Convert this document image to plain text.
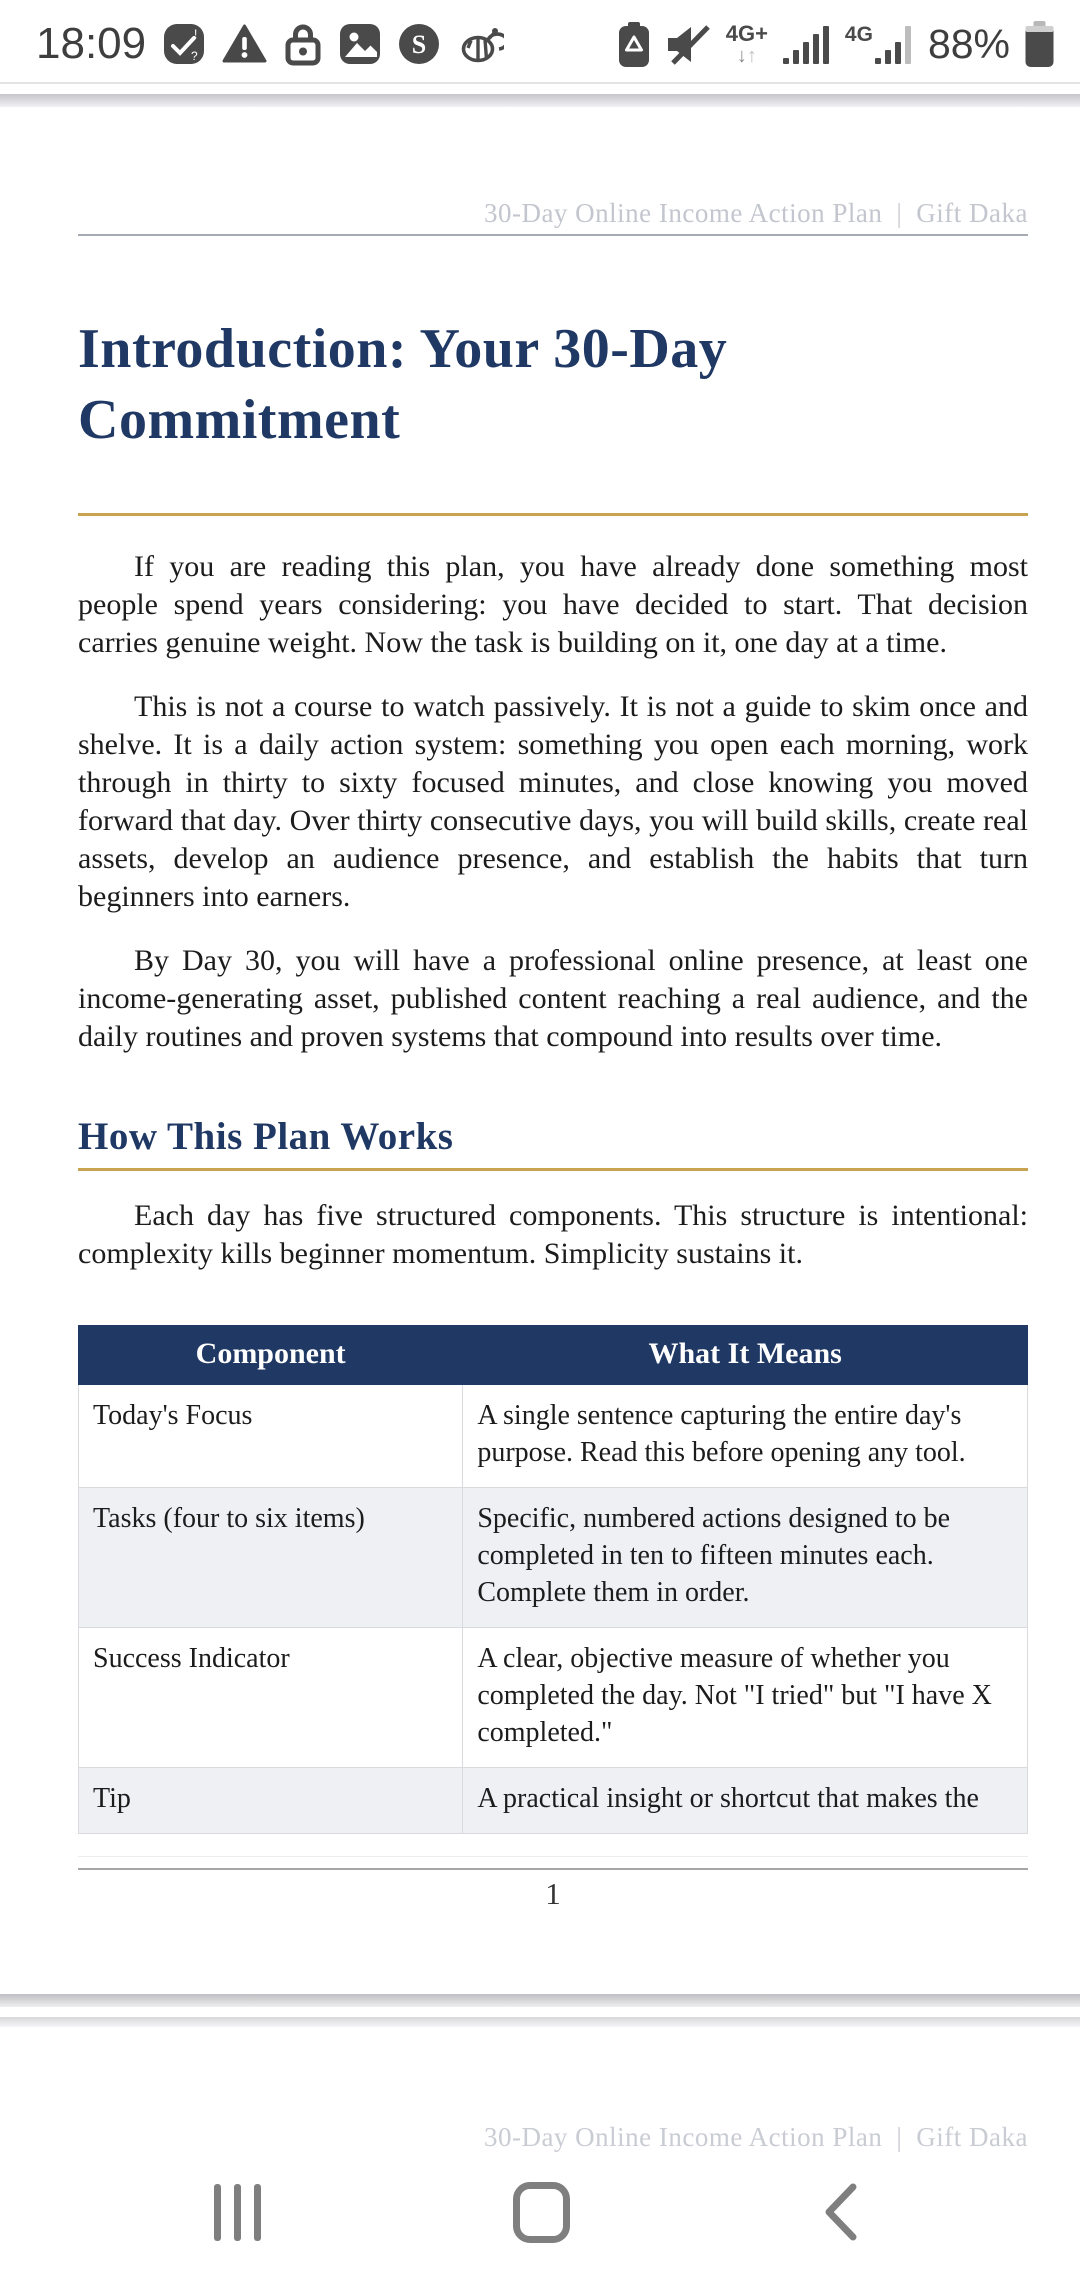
18:09	!
?	S	4G+
↓↑
4G 88%
30-Day Online Income Action Plan | Gift Daka
Introduction: Your 30-Day Commitment

If you are reading this plan, you have already done something most people spend years considering: you have decided to start. That decision carries genuine weight. Now the task is building on it, one day at a time.

This is not a course to watch passively. It is not a guide to skim once and shelve. It is a daily action system: something you open each morning, work through in thirty to sixty focused minutes, and close knowing you moved forward that day. Over thirty consecutive days, you will build skills, create real assets, develop an audience presence, and establish the habits that turn beginners into earners.

By Day 30, you will have a professional online presence, at least one income-generating asset, published content reaching a real audience, and the daily routines and proven systems that compound into results over time.

How This Plan Works

Each day has five structured components. This structure is intentional: complexity kills beginner momentum. Simplicity sustains it.

Component	What It Means
Today's Focus	A single sentence capturing the entire day's purpose. Read this before opening any tool.
Tasks (four to six items)	Specific, numbered actions designed to be completed in ten to fifteen minutes each. Complete them in order.
Success Indicator	A clear, objective measure of whether you completed the day. Not "I tried" but "I have X completed."
Tip	A practical insight or shortcut that makes the
1
30-Day Online Income Action Plan | Gift Daka
